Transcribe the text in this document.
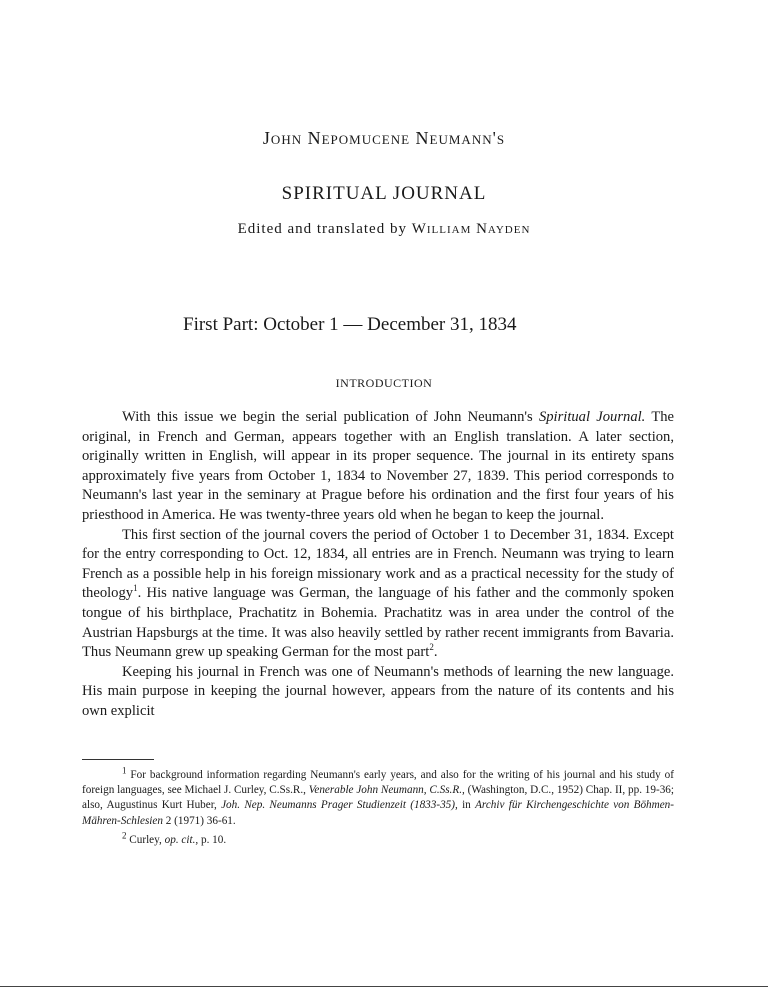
John Nepomucene Neumann's
SPIRITUAL JOURNAL
Edited and translated by William Nayden
First Part: October 1 — December 31, 1834
INTRODUCTION

With this issue we begin the serial publication of John Neumann's Spiritual Journal. The original, in French and German, appears together with an English translation. A later section, originally written in English, will appear in its proper sequence. The journal in its entirety spans approximately five years from October 1, 1834 to November 27, 1839. This period corresponds to Neumann's last year in the seminary at Prague before his ordination and the first four years of his priesthood in America. He was twenty-three years old when he began to keep the journal.

This first section of the journal covers the period of October 1 to December 31, 1834. Except for the entry corresponding to Oct. 12, 1834, all entries are in French. Neumann was trying to learn French as a possible help in his foreign missionary work and as a practical necessity for the study of theology$^1$. His native language was German, the language of his father and the commonly spoken tongue of his birthplace, Prachatitz in Bohemia. Prachatitz was in area under the control of the Austrian Hapsburgs at the time. It was also heavily settled by rather recent immigrants from Bavaria. Thus Neumann grew up speaking German for the most part$^2$.

Keeping his journal in French was one of Neumann's methods of learning the new language. His main purpose in keeping the journal however, appears from the nature of its contents and his own explicit

$^1$ For background information regarding Neumann's early years, and also for the writing of his journal and his study of foreign languages, see Michael J. Curley, C.Ss.R., Venerable John Neumann, C.Ss.R., (Washington, D.C., 1952) Chap. II, pp. 19-36; also, Augustinus Kurt Huber, Joh. Nep. Neumanns Prager Studienzeit (1833-35), in Archiv für Kirchengeschichte von Böhmen-Mähren-Schlesien 2 (1971) 36-61.

$^2$ Curley, op. cit., p. 10.
